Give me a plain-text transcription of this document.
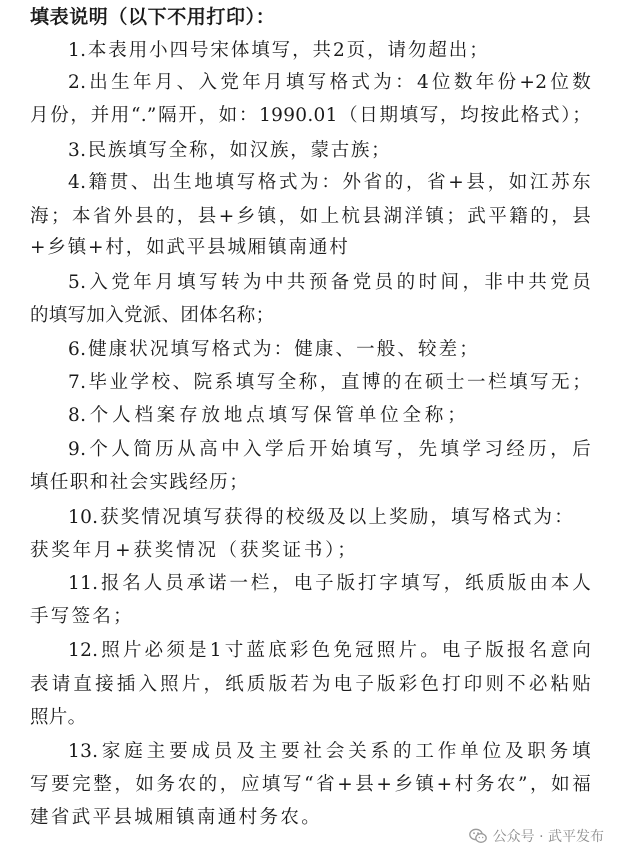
填表说明（以下不用打印）：
1.本表用小四号宋体填写，共2页，请勿超出；
2.出生年月、入党年月填写格式为：4位数年份+2位数
月份，并用“.”隔开，如：1990.01（日期填写，均按此格式）；
3.民族填写全称，如汉族，蒙古族；
4.籍贯、出生地填写格式为：外省的，省+县，如江苏东
海；本省外县的，县+乡镇，如上杭县湖洋镇；武平籍的，县
+乡镇+村，如武平县城厢镇南通村
5.入党年月填写转为中共预备党员的时间，非中共党员
的填写加入党派、团体名称；
6.健康状况填写格式为：健康、一般、较差；
7.毕业学校、院系填写全称，直博的在硕士一栏填写无；
8.个人档案存放地点填写保管单位全称；
9.个人简历从高中入学后开始填写，先填学习经历，后
填任职和社会实践经历；
10.获奖情况填写获得的校级及以上奖励，填写格式为：
获奖年月+获奖情况（获奖证书）；
11.报名人员承诺一栏，电子版打字填写，纸质版由本人
手写签名；
12.照片必须是1寸蓝底彩色免冠照片。电子版报名意向
表请直接插入照片，纸质版若为电子版彩色打印则不必粘贴
照片。
13.家庭主要成员及主要社会关系的工作单位及职务填
写要完整，如务农的，应填写“省+县+乡镇+村务农”，如福
建省武平县城厢镇南通村务农。
公众号 · 武平发布
